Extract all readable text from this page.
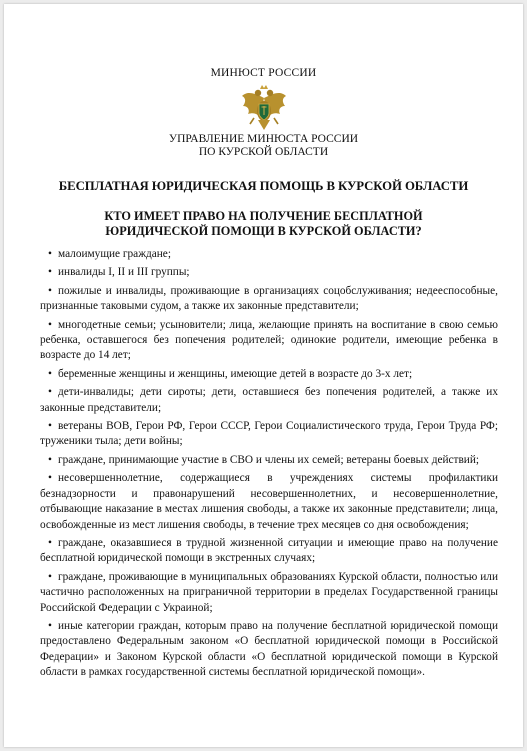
МИНЮСТ РОССИИ
УПРАВЛЕНИЕ МИНЮСТА РОССИИ
ПО КУРСКОЙ ОБЛАСТИ
БЕСПЛАТНАЯ ЮРИДИЧЕСКАЯ ПОМОЩЬ В КУРСКОЙ ОБЛАСТИ
КТО ИМЕЕТ ПРАВО НА ПОЛУЧЕНИЕ БЕСПЛАТНОЙ
ЮРИДИЧЕСКОЙ ПОМОЩИ В КУРСКОЙ ОБЛАСТИ?
• малоимущие граждане;
• инвалиды I, II и III группы;
• пожилые и инвалиды, проживающие в организациях соцобслуживания; недееспособные, признанные таковыми судом, а также их законные представители;
• многодетные семьи; усыновители; лица, желающие принять на воспитание в свою семью ребенка, оставшегося без попечения родителей; одинокие родители, имеющие ребенка в возрасте до 14 лет;
• беременные женщины и женщины, имеющие детей в возрасте до 3-х лет;
• дети-инвалиды; дети сироты; дети, оставшиеся без попечения родителей, а также их законные представители;
• ветераны ВОВ, Герои РФ, Герои СССР, Герои Социалистического труда, Герои Труда РФ; труженики тыла; дети войны;
• граждане, принимающие участие в СВО и члены их семей; ветераны боевых действий;
• несовершеннолетние, содержащиеся в учреждениях системы профилактики безнадзорности и правонарушений несовершеннолетних, и несовершеннолетние, отбывающие наказание в местах лишения свободы, а также их законные представители; лица, освобожденные из мест лишения свободы, в течение трех месяцев со дня освобождения;
• граждане, оказавшиеся в трудной жизненной ситуации и имеющие право на получение бесплатной юридической помощи в экстренных случаях;
• граждане, проживающие в муниципальных образованиях Курской области, полностью или частично расположенных на приграничной территории в пределах Государственной границы Российской Федерации с Украиной;
• иные категории граждан, которым право на получение бесплатной юридической помощи предоставлено Федеральным законом «О бесплатной юридической помощи в Российской Федерации» и Законом Курской области «О бесплатной юридической помощи в Курской области в рамках государственной системы бесплатной юридической помощи».
